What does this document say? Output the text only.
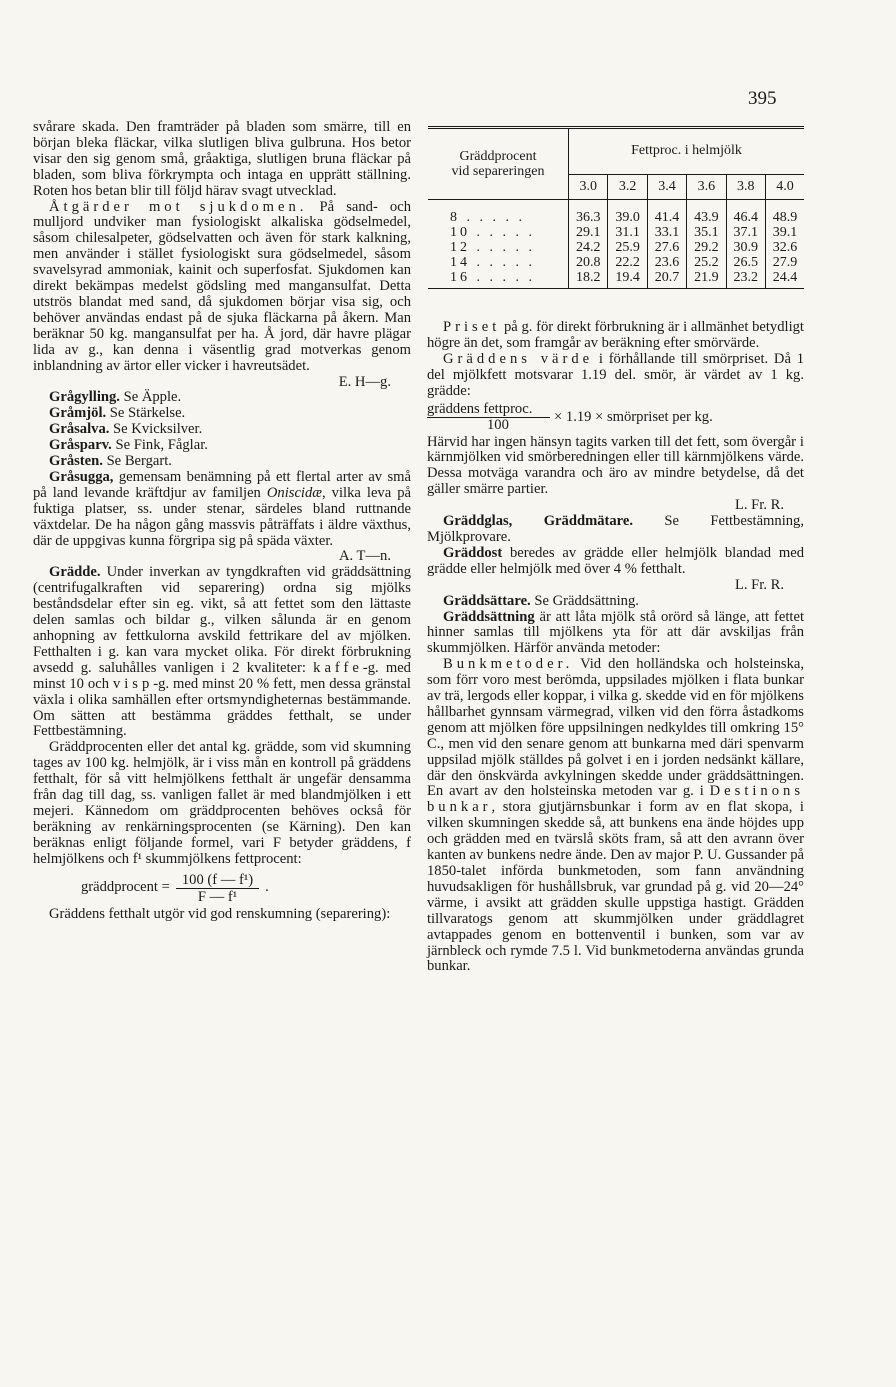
395

svårare skada. Den framträder på bladen som smärre, till en början bleka fläckar, vilka slutligen bliva gulbruna. Hos betor visar den sig genom små, gråaktiga, slutligen bruna fläckar på bladen, som bliva förkrympta och intaga en upprätt ställning. Roten hos betan blir till följd härav svagt utvecklad.

Åtgärder mot sjukdomen. På sand- och mulljord undviker man fysiologiskt alkaliska gödselmedel, såsom chilesalpeter, gödselvatten och även för stark kalkning, men använder i stället fysiologiskt sura gödselmedel, såsom svavelsyrad ammoniak, kainit och superfosfat. Sjukdomen kan direkt bekämpas medelst gödsling med mangansulfat. Detta utströs blandat med sand, då sjukdomen börjar visa sig, och behöver användas endast på de sjuka fläckarna på åkern. Man beräknar 50 kg. mangansulfat per ha. Å jord, där havre plägar lida av g., kan denna i väsentlig grad motverkas genom inblandning av ärtor eller vicker i havreutsädet.

E. H—g.

Grågylling. Se Äpple.

Gråmjöl. Se Stärkelse.

Gråsalva. Se Kvicksilver.

Gråsparv. Se Fink, Fåglar.

Gråsten. Se Bergart.

Gråsugga, gemensam benämning på ett flertal arter av små på land levande kräftdjur av familjen Oniscidæ, vilka leva på fuktiga platser, ss. under stenar, särdeles bland ruttnande växtdelar. De ha någon gång massvis påträffats i äldre växthus, där de uppgivas kunna förgripa sig på späda växter.

A. T—n.

Grädde. Under inverkan av tyngdkraften vid gräddsättning (centrifugalkraften vid separering) ordna sig mjölks beståndsdelar efter sin eg. vikt, så att fettet som den lättaste delen samlas och bildar g., vilken sålunda är en genom anhopning av fettkulorna avskild fettrikare del av mjölken. Fetthalten i g. kan vara mycket olika. För direkt förbrukning avsedd g. saluhålles vanligen i 2 kvaliteter: kaffe-g. med minst 10 och visp-g. med minst 20 % fett, men dessa gränstal växla i olika samhällen efter ortsmyndigheternas bestämmande. Om sätten att bestämma gräddes fetthalt, se under Fettbestämning.

Gräddprocenten eller det antal kg. grädde, som vid skumning tages av 100 kg. helmjölk, är i viss mån en kontroll på gräddens fetthalt, för så vitt helmjölkens fetthalt är ungefär densamma från dag till dag, ss. vanligen fallet är med blandmjölken i ett mejeri. Kännedom om gräddprocenten behöves också för beräkning av renkärningsprocenten (se Kärning). Den kan beräknas enligt följande formel, vari F betyder gräddens, f helmjölkens och f¹ skummjölkens fettprocent:

gräddprocent = $\frac{\text{100 (f — f¹)}}{\text{F — f¹}}$ .

Gräddens fetthalt utgör vid god renskumning (separering):

Gräddprocent
vid separeringen	Fettproc. i helmjölk					
	3.0	3.2	3.4	3.6	3.8	4.0
8 . . . . .	36.3	39.0	41.4	43.9	46.4	48.9
10 . . . . .	29.1	31.1	33.1	35.1	37.1	39.1
12 . . . . .	24.2	25.9	27.6	29.2	30.9	32.6
14 . . . . .	20.8	22.2	23.6	25.2	26.5	27.9
16 . . . . .	18.2	19.4	20.7	21.9	23.2	24.4

Priset på g. för direkt förbrukning är i allmänhet betydligt högre än det, som framgår av beräkning efter smörvärde.

Gräddens värde i förhållande till smörpriset. Då 1 del mjölkfett motsvarar 1.19 del. smör, är värdet av 1 kg. grädde:

$\frac{\text{gräddens fettproc.}}{100} \times 1.19$ × smörpriset per kg.

Härvid har ingen hänsyn tagits varken till det fett, som övergår i kärnmjölken vid smörberedningen eller till kärnmjölkens värde. Dessa motväga varandra och äro av mindre betydelse, då det gäller smärre partier.

L. Fr. R.

Gräddglas, Gräddmätare. Se Fettbestämning, Mjölkprovare.

Gräddost beredes av grädde eller helmjölk blandad med grädde eller helmjölk med över 4 % fetthalt.

L. Fr. R.

Gräddsättare. Se Gräddsättning.

Gräddsättning är att låta mjölk stå orörd så länge, att fettet hinner samlas till mjölkens yta för att där avskiljas från skummjölken. Härför använda metoder:

Bunkmetoder. Vid den holländska och holsteinska, som förr voro mest berömda, uppsilades mjölken i flata bunkar av trä, lergods eller koppar, i vilka g. skedde vid en för mjölkens hållbarhet gynnsam värmegrad, vilken vid den förra åstadkoms genom att mjölken före uppsilningen nedkyldes till omkring 15° C., men vid den senare genom att bunkarna med däri spenvarm uppsilad mjölk ställdes på golvet i en i jorden nedsänkt källare, där den önskvärda avkylningen skedde under gräddsättningen. En avart av den holsteinska metoden var g. i Destinons bunkar, stora gjutjärnsbunkar i form av en flat skopa, i vilken skumningen skedde så, att bunkens ena ände höjdes upp och grädden med en tvärslå sköts fram, så att den avrann över kanten av bunkens nedre ände. Den av major P. U. Gussander på 1850-talet införda bunkmetoden, som fann användning huvudsakligen för hushållsbruk, var grundad på g. vid 20—24° värme, i avsikt att grädden skulle uppstiga hastigt. Grädden tillvaratogs genom att skummjölken under gräddlagret avtappades genom en bottenventil i bunken, som var av järnbleck och rymde 7.5 l. Vid bunkmetoderna användas grunda bunkar.
